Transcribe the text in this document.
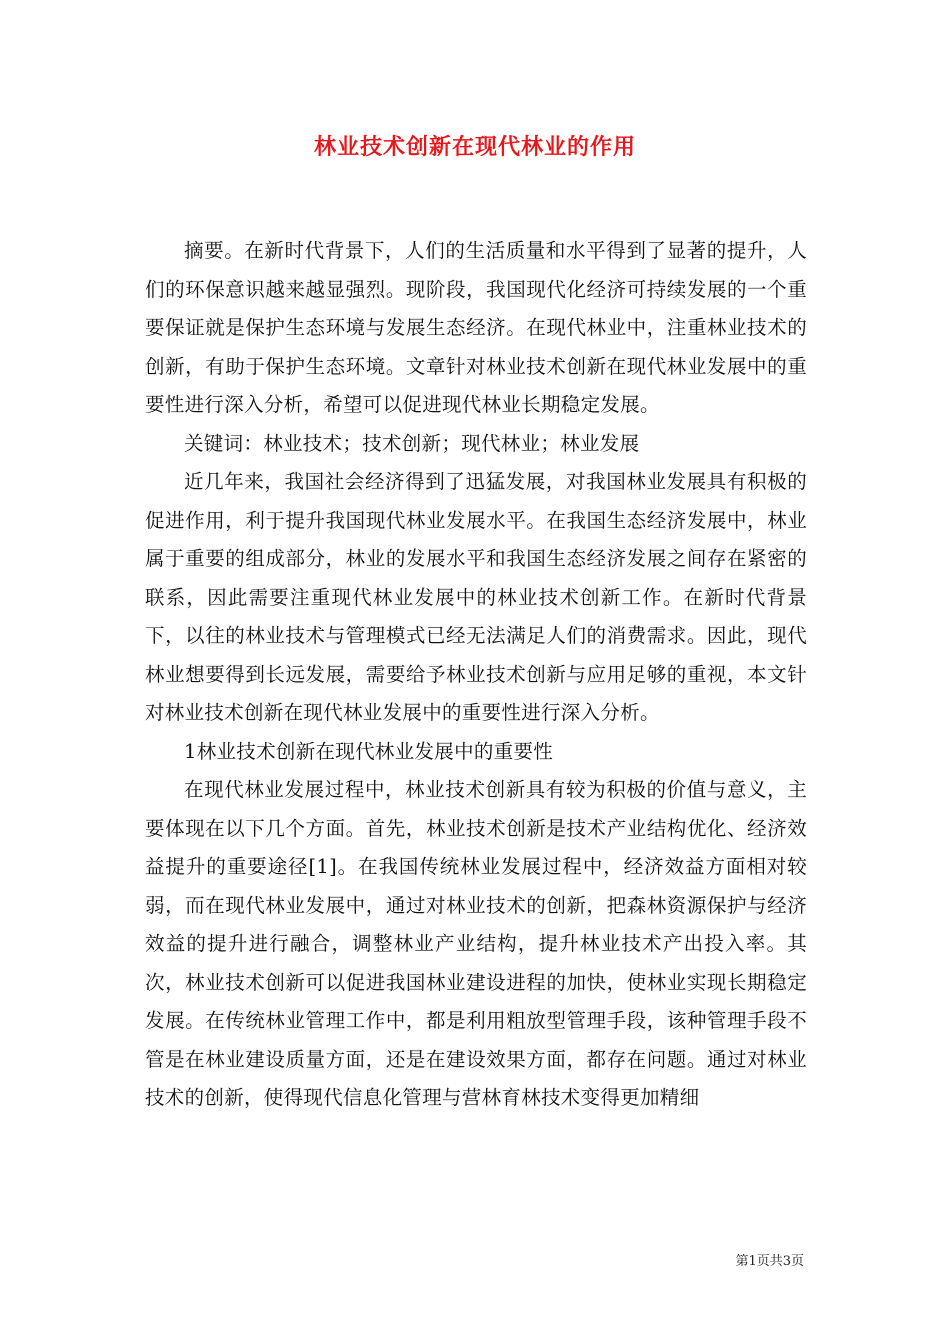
林业技术创新在现代林业的作用

摘要。在新时代背景下，人们的生活质量和水平得到了显著的提升，人们的环保意识越来越显强烈。现阶段，我国现代化经济可持续发展的一个重要保证就是保护生态环境与发展生态经济。在现代林业中，注重林业技术的创新，有助于保护生态环境。文章针对林业技术创新在现代林业发展中的重要性进行深入分析，希望可以促进现代林业长期稳定发展。

关键词：林业技术；技术创新；现代林业；林业发展

近几年来，我国社会经济得到了迅猛发展，对我国林业发展具有积极的促进作用，利于提升我国现代林业发展水平。在我国生态经济发展中，林业属于重要的组成部分，林业的发展水平和我国生态经济发展之间存在紧密的联系，因此需要注重现代林业发展中的林业技术创新工作。在新时代背景下，以往的林业技术与管理模式已经无法满足人们的消费需求。因此，现代林业想要得到长远发展，需要给予林业技术创新与应用足够的重视，本文针对林业技术创新在现代林业发展中的重要性进行深入分析。

1林业技术创新在现代林业发展中的重要性

在现代林业发展过程中，林业技术创新具有较为积极的价值与意义，主要体现在以下几个方面。首先，林业技术创新是技术产业结构优化、经济效益提升的重要途径[1]。在我国传统林业发展过程中，经济效益方面相对较弱，而在现代林业发展中，通过对林业技术的创新，把森林资源保护与经济效益的提升进行融合，调整林业产业结构，提升林业技术产出投入率。其次，林业技术创新可以促进我国林业建设进程的加快，使林业实现长期稳定发展。在传统林业管理工作中，都是利用粗放型管理手段，该种管理手段不管是在林业建设质量方面，还是在建设效果方面，都存在问题。通过对林业技术的创新，使得现代信息化管理与营林育林技术变得更加精细

第1页共3页
